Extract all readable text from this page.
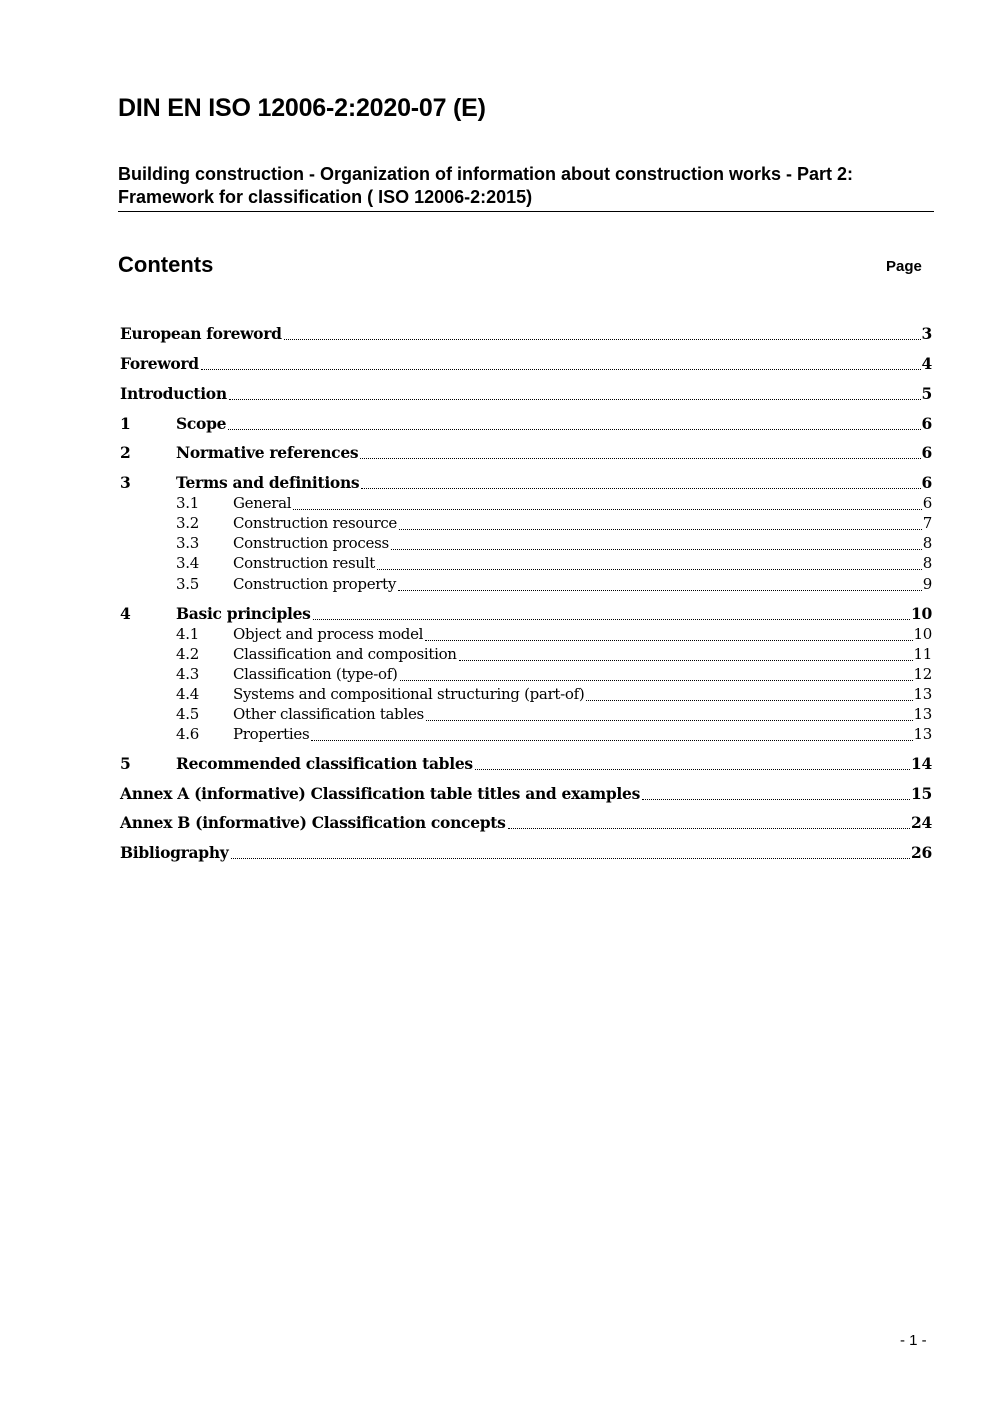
DIN EN ISO 12006-2:2020-07 (E)

Building construction - Organization of information about construction works - Part 2: Framework for classification ( ISO 12006-2:2015)

Contents	Page
European foreword	3
Foreword	4
Introduction	5
1	Scope	6
2	Normative references	6
3	Terms and definitions	6
3.1	General	6
3.2	Construction resource	7
3.3	Construction process	8
3.4	Construction result	8
3.5	Construction property	9
4	Basic principles	10
4.1	Object and process model	10
4.2	Classification and composition	11
4.3	Classification (type-of)	12
4.4	Systems and compositional structuring (part-of)	13
4.5	Other classification tables	13
4.6	Properties	13
5	Recommended classification tables	14
Annex A (informative) Classification table titles and examples	15
Annex B (informative) Classification concepts	24
Bibliography	26
- 1 -
